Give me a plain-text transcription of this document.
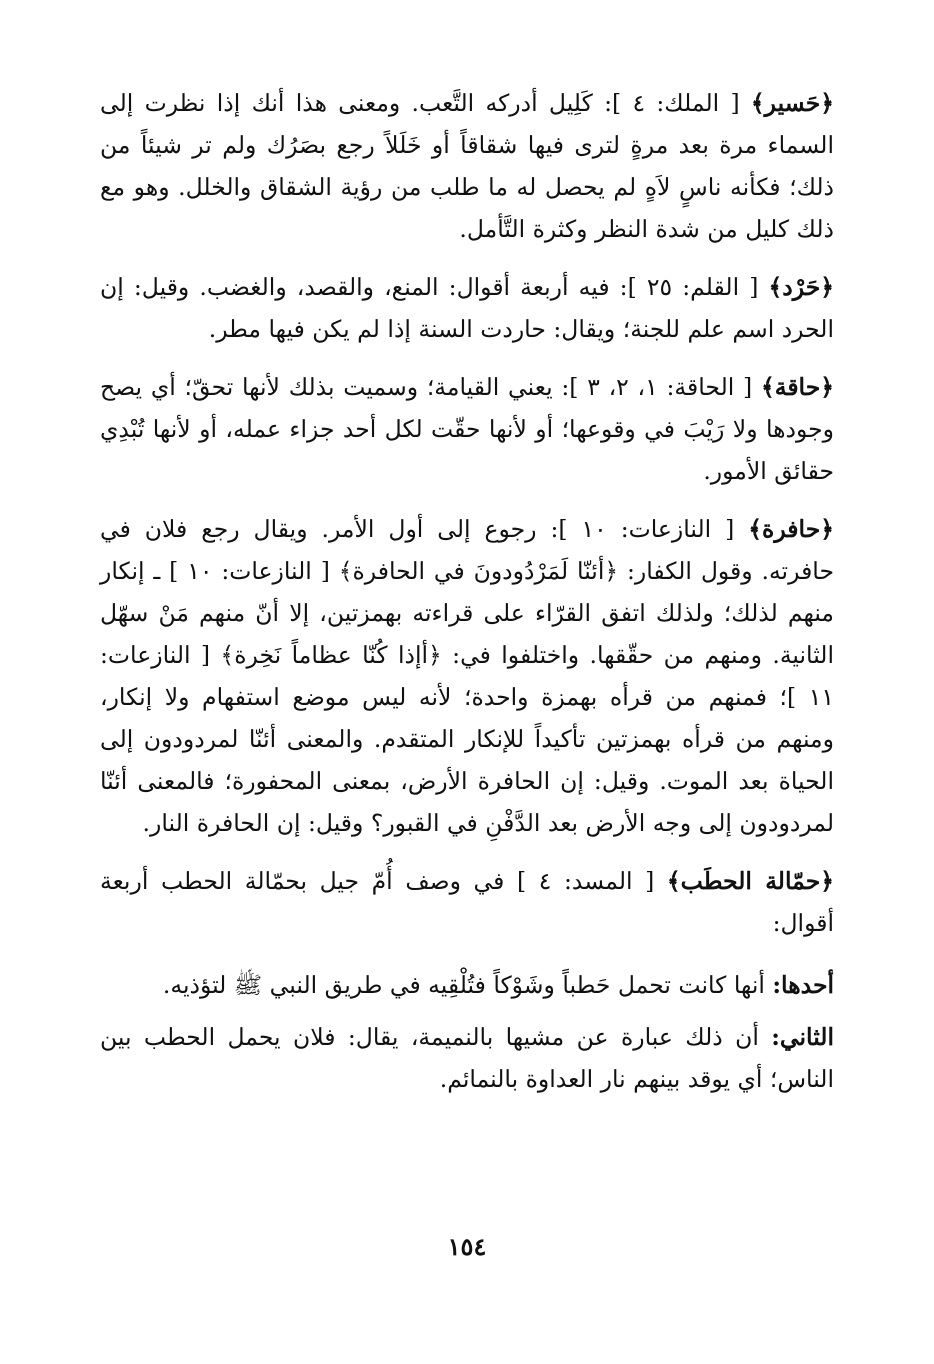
﴿حَسير﴾ [ الملك: ٤ ]: كَلِيل أدركه التَّعب. ومعنى هذا أنك إذا نظرت إلى السماء مرة بعد مرةٍ لترى فيها شقاقاً أو خَلَلاً رجع بصَرُك ولم تر شيئاً من ذلك؛ فكأنه ناسٍ لاَهٍ لم يحصل له ما طلب من رؤية الشقاق والخلل. وهو مع ذلك كليل من شدة النظر وكثرة التَّأمل.

﴿حَرْد﴾ [ القلم: ٢٥ ]: فيه أربعة أقوال: المنع، والقصد، والغضب. وقيل: إن الحرد اسم علم للجنة؛ ويقال: حاردت السنة إذا لم يكن فيها مطر.

﴿حاقة﴾ [ الحاقة: ١، ٢، ٣ ]: يعني القيامة؛ وسميت بذلك لأنها تحقّ؛ أي يصح وجودها ولا رَيْبَ في وقوعها؛ أو لأنها حقّت لكل أحد جزاء عمله، أو لأنها تُبْدِي حقائق الأمور.

﴿حافرة﴾ [ النازعات: ١٠ ]: رجوع إلى أول الأمر. ويقال رجع فلان في حافرته. وقول الكفار: ﴿أئنّا لَمَرْدُودونَ في الحافرة﴾ [ النازعات: ١٠ ] ـ إنكار منهم لذلك؛ ولذلك اتفق القرّاء على قراءته بهمزتين، إلا أنّ منهم مَنْ سهّل الثانية. ومنهم من حقّقها. واختلفوا في: ﴿أإذا كُنّا عظاماً نَخِرة﴾ [ النازعات: ١١ ]؛ فمنهم من قرأه بهمزة واحدة؛ لأنه ليس موضع استفهام ولا إنكار، ومنهم من قرأه بهمزتين تأكيداً للإنكار المتقدم. والمعنى أئنّا لمردودون إلى الحياة بعد الموت. وقيل: إن الحافرة الأرض، بمعنى المحفورة؛ فالمعنى أئنّا لمردودون إلى وجه الأرض بعد الدَّفْنِ في القبور؟ وقيل: إن الحافرة النار.

﴿حمّالة الحطَب﴾ [ المسد: ٤ ] في وصف أُمّ جيل بحمّالة الحطب أربعة أقوال:

أحدها: أنها كانت تحمل حَطباً وشَوْكاً فتُلْقِيه في طريق النبي ﷺ لتؤذيه.

الثاني: أن ذلك عبارة عن مشيها بالنميمة، يقال: فلان يحمل الحطب بين الناس؛ أي يوقد بينهم نار العداوة بالنمائم.

١٥٤
